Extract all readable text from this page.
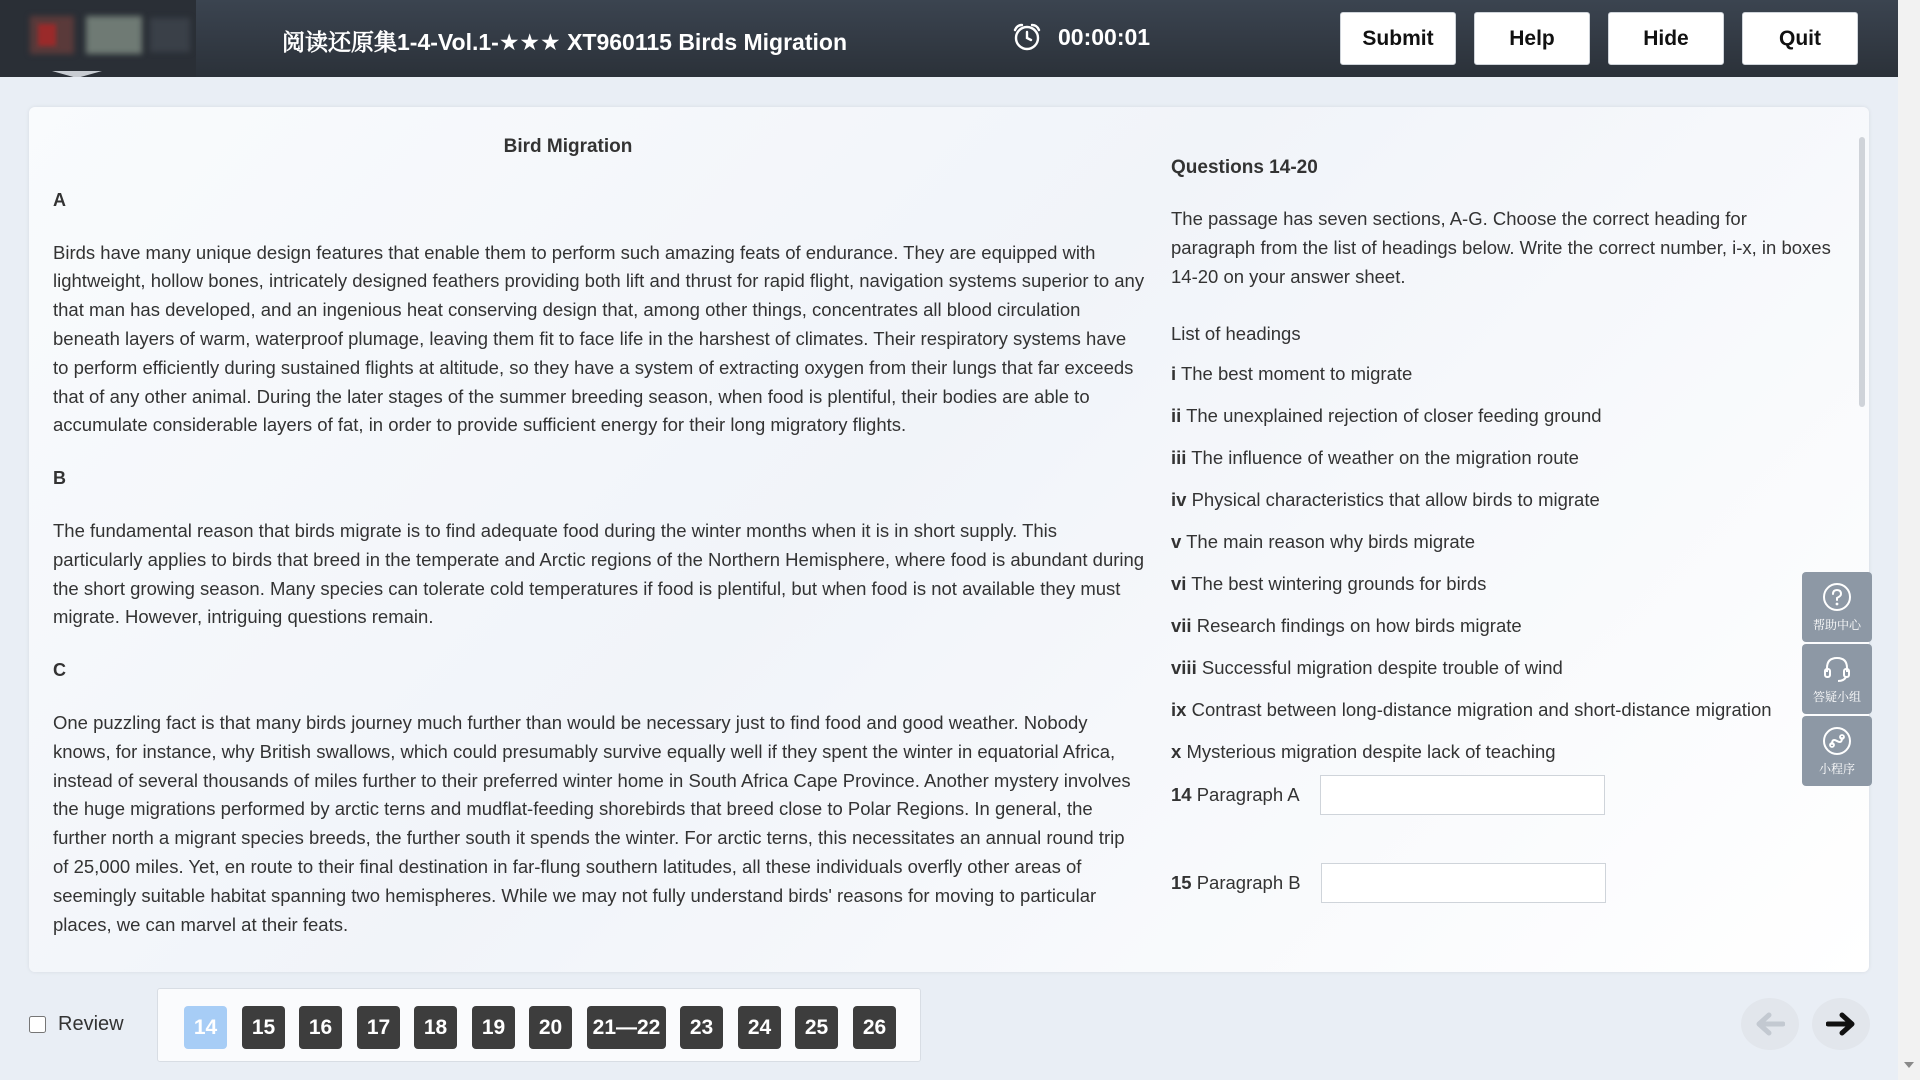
阅读还原集1-4-Vol.1-★★★ XT960115 Birds Migration	00:00:01	Submit	Help	Hide	Quit
Bird Migration
A

Birds have many unique design features that enable them to perform such amazing feats of endurance. They are equipped with lightweight, hollow bones, intricately designed feathers providing both lift and thrust for rapid flight, navigation systems superior to any that man has developed, and an ingenious heat conserving design that, among other things, concentrates all blood circulation beneath layers of warm, waterproof plumage, leaving them fit to face life in the harshest of climates. Their respiratory systems have to perform efficiently during sustained flights at altitude, so they have a system of extracting oxygen from their lungs that far exceeds that of any other animal. During the later stages of the summer breeding season, when food is plentiful, their bodies are able to accumulate considerable layers of fat, in order to provide sufficient energy for their long migratory flights.

B

The fundamental reason that birds migrate is to find adequate food during the winter months when it is in short supply. This particularly applies to birds that breed in the temperate and Arctic regions of the Northern Hemisphere, where food is abundant during the short growing season. Many species can tolerate cold temperatures if food is plentiful, but when food is not available they must migrate. However, intriguing questions remain.

C

One puzzling fact is that many birds journey much further than would be necessary just to find food and good weather. Nobody knows, for instance, why British swallows, which could presumably survive equally well if they spent the winter in equatorial Africa, instead of several thousands of miles further to their preferred winter home in South Africa Cape Province. Another mystery involves the huge migrations performed by arctic terns and mudflat-feeding shorebirds that breed close to Polar Regions. In general, the further north a migrant species breeds, the further south it spends the winter. For arctic terns, this necessitates an annual round trip of 25,000 miles. Yet, en route to their final destination in far-flung southern latitudes, all these individuals overfly other areas of seemingly suitable habitat spanning two hemispheres. While we may not fully understand birds' reasons for moving to particular places, we can marvel at their feats.

Questions 14-20
The passage has seven sections, A-G. Choose the correct heading for paragraph from the list of headings below. Write the correct number, i-x, in boxes 14-20 on your answer sheet.
List of headings
i The best moment to migrate
ii The unexplained rejection of closer feeding ground
iii The influence of weather on the migration route
iv Physical characteristics that allow birds to migrate
v The main reason why birds migrate
vi The best wintering grounds for birds
vii Research findings on how birds migrate
viii Successful migration despite trouble of wind
ix Contrast between long-distance migration and short-distance migration
x Mysterious migration despite lack of teaching
14 Paragraph A
15 Paragraph B
帮助中心
答疑小组
小程序
Review	14	15	16	17	18	19	20	21—22	23	24	25	26
